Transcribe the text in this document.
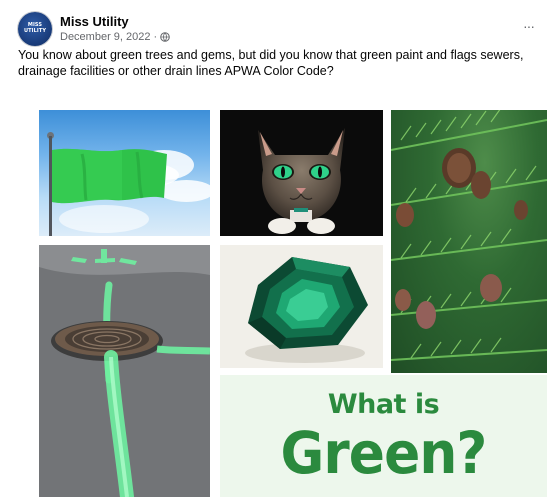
MISS UTILITY
Miss Utility
December 9, 2022 ·
···
You know about green trees and gems, but did you know that green paint and flags sewers, drainage facilities or other drain lines APWA Color Code?
What is
Green?
